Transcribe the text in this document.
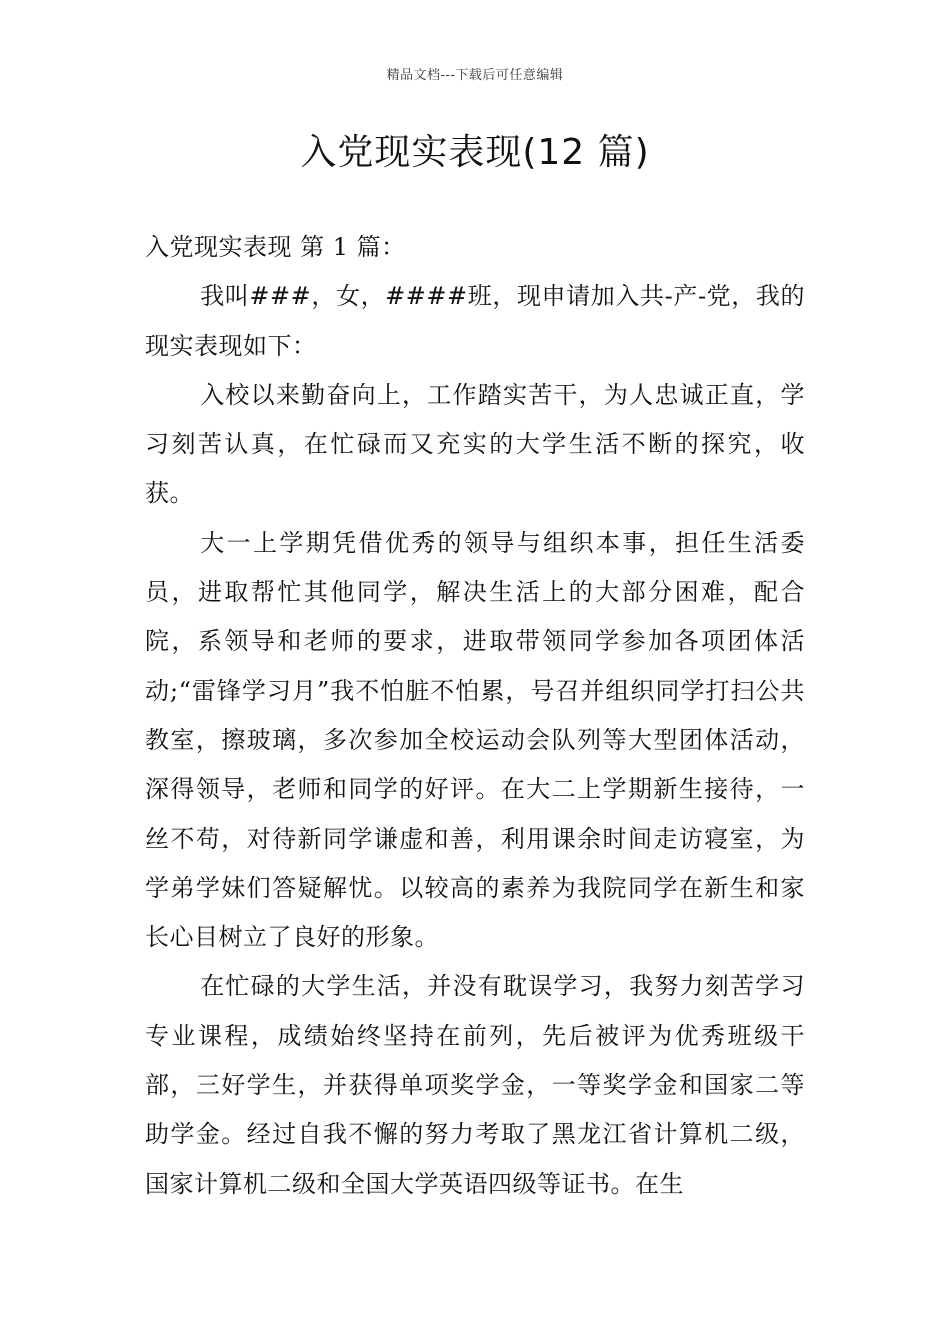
精品文档---下载后可任意编辑
入党现实表现(12 篇)

入党现实表现 第 1 篇：

我叫###，女，####班，现申请加入共-产-党，我的现实表现如下：

入校以来勤奋向上，工作踏实苦干，为人忠诚正直，学习刻苦认真，在忙碌而又充实的大学生活不断的探究，收获。

大一上学期凭借优秀的领导与组织本事，担任生活委员，进取帮忙其他同学，解决生活上的大部分困难，配合院，系领导和老师的要求，进取带领同学参加各项团体活动;“雷锋学习月”我不怕脏不怕累，号召并组织同学打扫公共教室，擦玻璃，多次参加全校运动会队列等大型团体活动，深得领导，老师和同学的好评。在大二上学期新生接待，一丝不苟，对待新同学谦虚和善，利用课余时间走访寝室，为学弟学妹们答疑解忧。以较高的素养为我院同学在新生和家长心目树立了良好的形象。

在忙碌的大学生活，并没有耽误学习，我努力刻苦学习专业课程，成绩始终坚持在前列，先后被评为优秀班级干部，三好学生，并获得单项奖学金，一等奖学金和国家二等助学金。经过自我不懈的努力考取了黑龙江省计算机二级，国家计算机二级和全国大学英语四级等证书。在生
